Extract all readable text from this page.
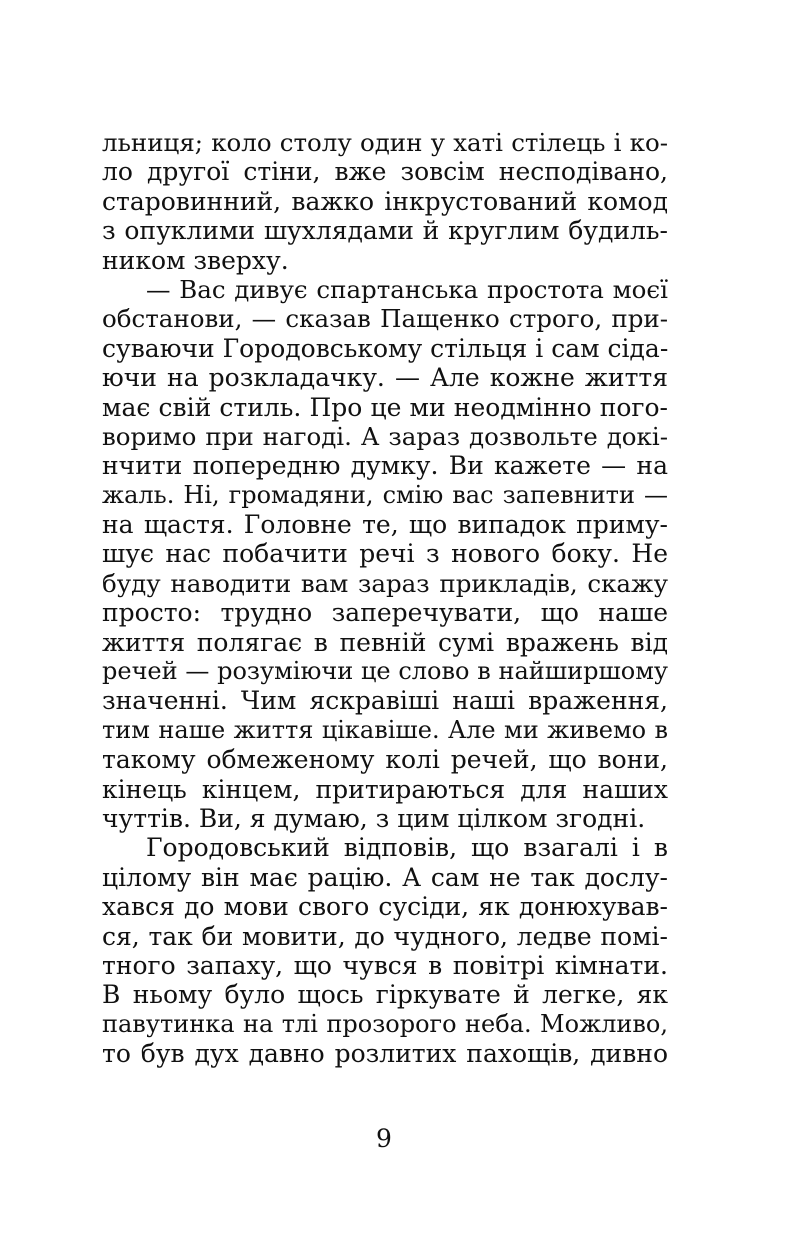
льниця; коло столу один у хаті стілець і ко-
ло другої стіни, вже зовсім несподівано,
старовинний, важко інкрустований комод
з опуклими шухлядами й круглим будиль-
ником зверху.
— Вас дивує спартанська простота моєї
обстанови, — сказав Пащенко строго, при-
суваючи Городовському стільця і сам сіда-
ючи на розкладачку. — Але кожне життя
має свій стиль. Про це ми неодмінно пого-
воримо при нагоді. А зараз дозвольте докі-
нчити попередню думку. Ви кажете — на
жаль. Ні, громадяни, смію вас запевнити —
на щастя. Головне те, що випадок приму-
шує нас побачити речі з нового боку. Не
буду наводити вам зараз прикладів, скажу
просто: трудно заперечувати, що наше
життя полягає в певній сумі вражень від
речей — розуміючи це слово в найширшому
значенні. Чим яскравіші наші враження,
тим наше життя цікавіше. Але ми живемо в
такому обмеженому колі речей, що вони,
кінець кінцем, притираються для наших
чуттів. Ви, я думаю, з цим цілком згодні.
Городовський відповів, що взагалі і в
цілому він має рацію. А сам не так дослу-
хався до мови свого сусіди, як донюхував-
ся, так би мовити, до чудного, ледве помі-
тного запаху, що чувся в повітрі кімнати.
В ньому було щось гіркувате й легке, як
павутинка на тлі прозорого неба. Можливо,
то був дух давно розлитих пахощів, дивно
9
